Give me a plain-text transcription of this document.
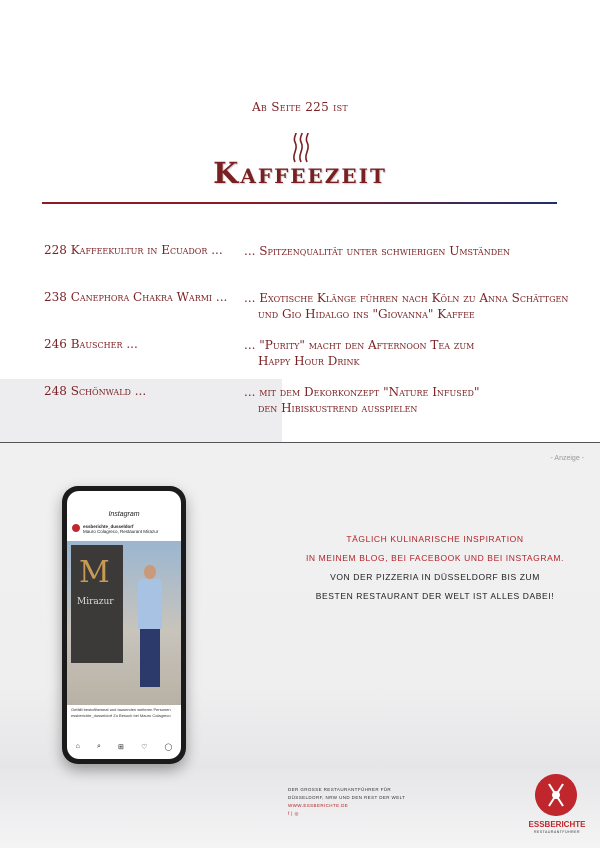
Ab Seite 225 ist
Kaffeezeit
228 Kaffeekultur in Ecuador ... ... Spitzenqualität unter schwierigen Umständen
238 Canephora Chakra Warmi ... ... Exotische Klänge führen nach Köln zu Anna Schättgen
und Gio Hidalgo ins "Giovanna" Kaffee
246 Bauscher ...	... "Purity" macht den Afternoon Tea zum
Happy Hour Drink
248 Schönwald ...	... mit dem Dekorkonzept "Nature Infused"
den Hibiskustrend ausspielen
- Anzeige -
Instagram
essberichte_dusseldorf
Mauro Colagreco, Restaurant Mirazur
M
Mirazur
Gefällt bestoftheweat und tausenden weiteren Personen
essberichte_dusseldorf Zu Besuch bei Mauro Colagreco
⌂ ⌕ ⊞ ♡ ◯
TÄGLICH KULINARISCHE INSPIRATION
IN MEINEM BLOG, BEI FACEBOOK UND BEI INSTAGRAM.
VON DER PIZZERIA IN DÜSSELDORF BIS ZUM
BESTEN RESTAURANT DER WELT IST ALLES DABEI!
DER GROSSE RESTAURANTFÜHRER FÜR
DÜSSELDORF, NRW UND DEN REST DER WELT
WWW.ESSBERICHTE.DE
f | ◎
ESSBERICHTE
RESTAURANTFÜHRER
